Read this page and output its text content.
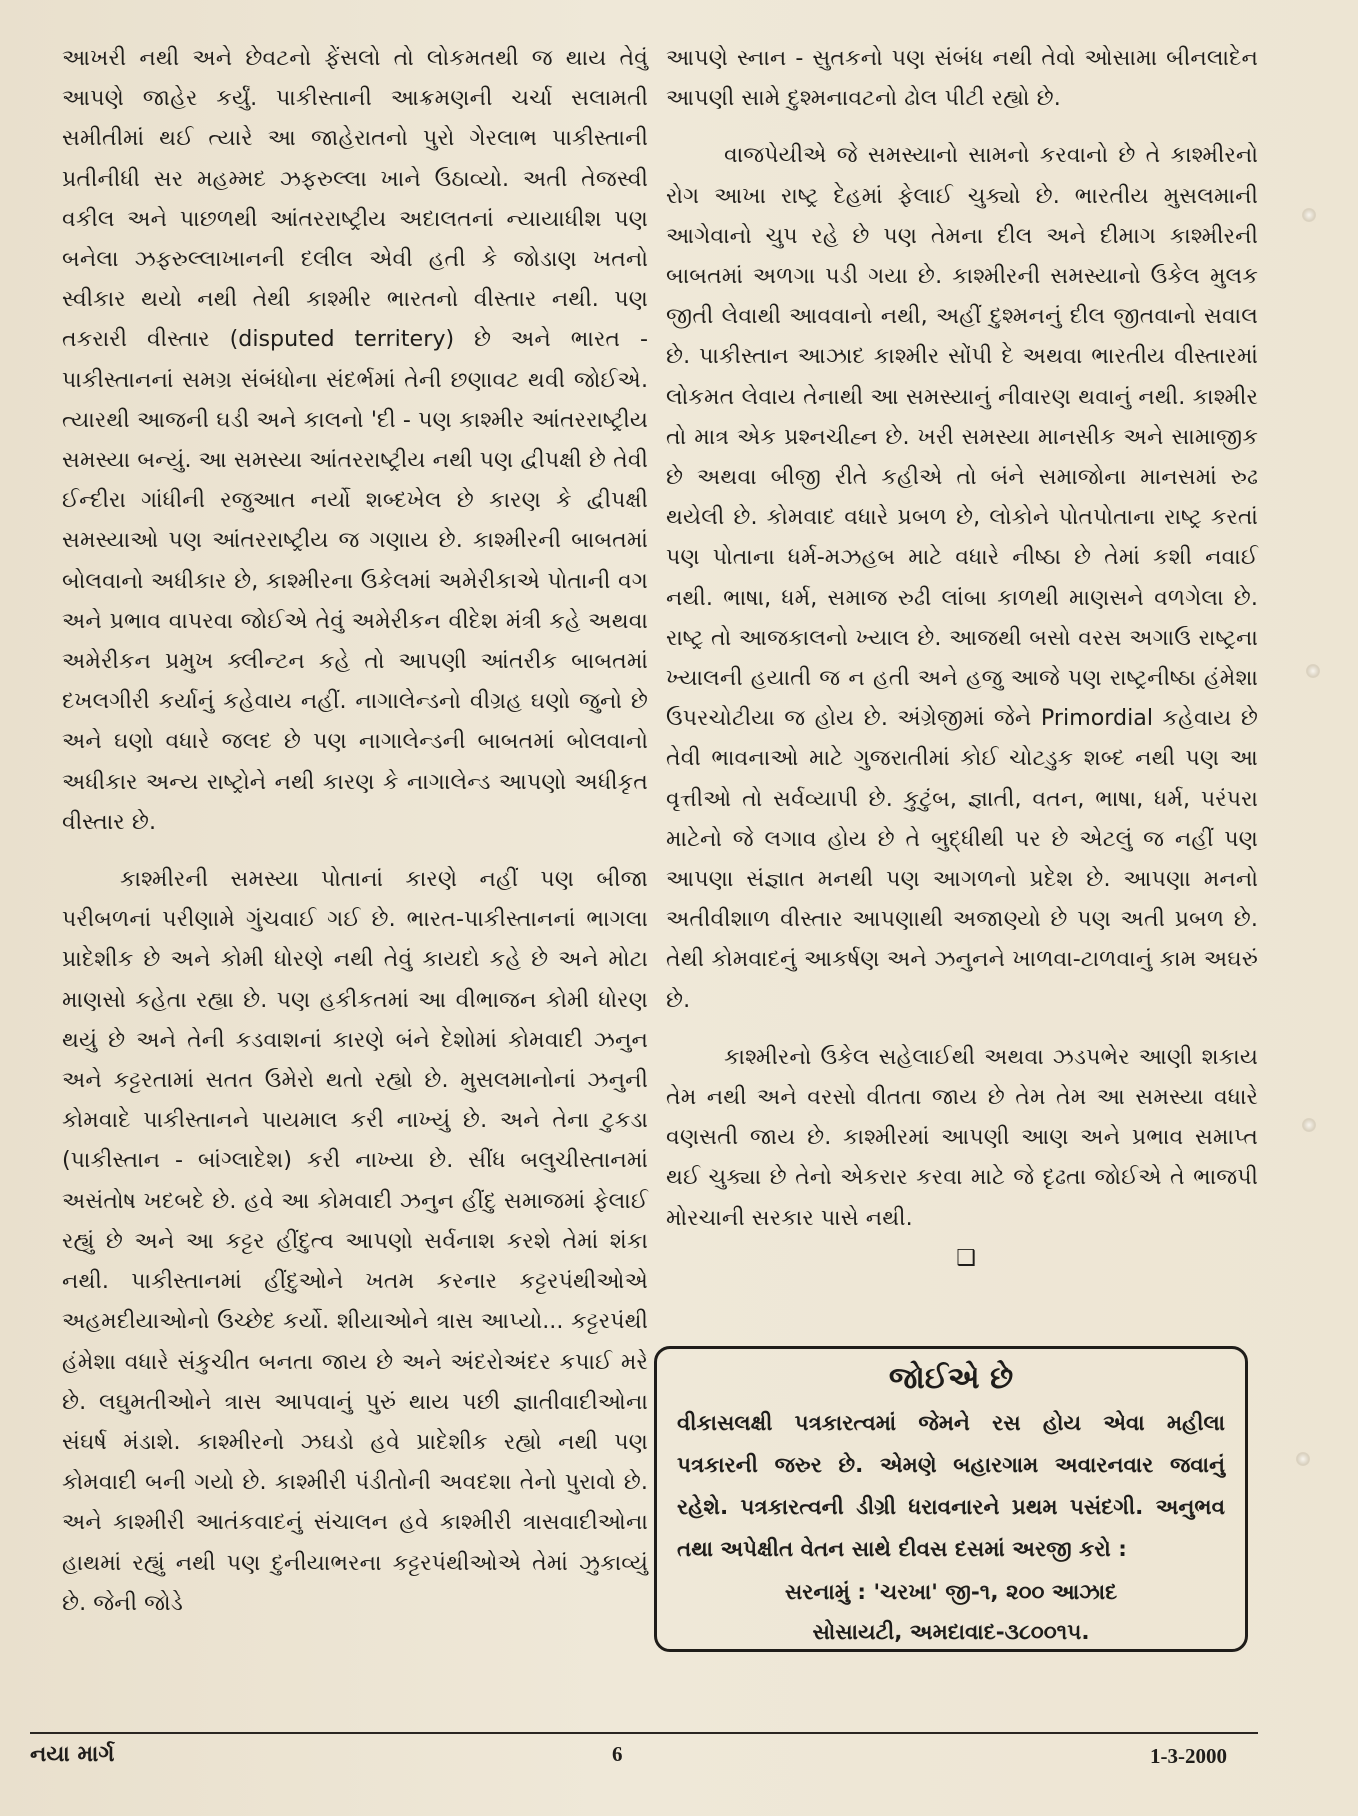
આખરી નથી અને છેવટનો ફેંસલો તો લોકમતથી જ થાય તેવું આપણે જાહેર કર્યું. પાકીસ્તાની આક્રમણની ચર્ચા સલામતી સમીતીમાં થઈ ત્યારે આ જાહેરાતનો પુરો ગેરલાભ પાકીસ્તાની પ્રતીનીધી સર મહમ્મદ ઝફરુલ્લા ખાને ઉઠાવ્યો. અતી તેજસ્વી વકીલ અને પાછળથી આંતરરાષ્ટ્રીય અદાલતનાં ન્યાયાધીશ પણ બનેલા ઝફરુલ્લાખાનની દલીલ એવી હતી કે જોડાણ ખતનો સ્વીકાર થયો નથી તેથી કાશ્મીર ભારતનો વીસ્તાર નથી. પણ તકરારી વીસ્તાર (disputed territery) છે અને ભારત - પાકીસ્તાનનાં સમગ્ર સંબંધોના સંદર્ભમાં તેની છણાવટ થવી જોઈએ. ત્યારથી આજની ઘડી અને કાલનો 'દી - પણ કાશ્મીર આંતરરાષ્ટ્રીય સમસ્યા બન્યું. આ સમસ્યા આંતરરાષ્ટ્રીય નથી પણ દ્વીપક્ષી છે તેવી ઈન્દીરા ગાંધીની રજુઆત નર્યો શબ્દખેલ છે કારણ કે દ્વીપક્ષી સમસ્યાઓ પણ આંતરરાષ્ટ્રીય જ ગણાય છે. કાશ્મીરની બાબતમાં બોલવાનો અધીકાર છે, કાશ્મીરના ઉકેલમાં અમેરીકાએ પોતાની વગ અને પ્રભાવ વાપરવા જોઈએ તેવું અમેરીકન વીદેશ મંત્રી કહે અથવા અમેરીકન પ્રમુખ ક્લીન્ટન કહે તો આપણી આંતરીક બાબતમાં દખલગીરી કર્યાનું કહેવાય નહીં. નાગાલેન્ડનો વીગ્રહ ઘણો જુનો છે અને ઘણો વધારે જલદ છે પણ નાગાલેન્ડની બાબતમાં બોલવાનો અધીકાર અન્ય રાષ્ટ્રોને નથી કારણ કે નાગાલેન્ડ આપણો અધીકૃત વીસ્તાર છે.

કાશ્મીરની સમસ્યા પોતાનાં કારણે નહીં પણ બીજા પરીબળનાં પરીણામે ગુંચવાઈ ગઈ છે. ભારત-પાકીસ્તાનનાં ભાગલા પ્રાદેશીક છે અને કોમી ધોરણે નથી તેવું કાયદો કહે છે અને મોટા માણસો કહેતા રહ્યા છે. પણ હકીકતમાં આ વીભાજન કોમી ધોરણ થયું છે અને તેની કડવાશનાં કારણે બંને દેશોમાં કોમવાદી ઝનુન અને કટ્ટરતામાં સતત ઉમેરો થતો રહ્યો છે. મુસલમાનોનાં ઝનુની કોમવાદે પાકીસ્તાનને પાયમાલ કરી નાખ્યું છે. અને તેના ટુકડા (પાકીસ્તાન - બાંગ્લાદેશ) કરી નાખ્યા છે. સીંધ બલુચીસ્તાનમાં અસંતોષ ખદબદે છે. હવે આ કોમવાદી ઝનુન હીંદુ સમાજમાં ફેલાઈ રહ્યું છે અને આ કટ્ટર હીંદુત્વ આપણો સર્વનાશ કરશે તેમાં શંકા નથી. પાકીસ્તાનમાં હીંદુઓને ખતમ કરનાર કટ્ટરપંથીઓએ અહમદીયાઓનો ઉચ્છેદ કર્યો. શીયાઓને ત્રાસ આપ્યો... કટ્ટરપંથી હંમેશા વધારે સંકુચીત બનતા જાય છે અને અંદરોઅંદર કપાઈ મરે છે. લઘુમતીઓને ત્રાસ આપવાનું પુરું થાય પછી જ્ઞાતીવાદીઓના સંઘર્ષ મંડાશે. કાશ્મીરનો ઝઘડો હવે પ્રાદેશીક રહ્યો નથી પણ કોમવાદી બની ગયો છે. કાશ્મીરી પંડીતોની અવદશા તેનો પુરાવો છે. અને કાશ્મીરી આતંકવાદનું સંચાલન હવે કાશ્મીરી ત્રાસવાદીઓના હાથમાં રહ્યું નથી પણ દુનીયાભરના કટ્ટરપંથીઓએ તેમાં ઝુકાવ્યું છે. જેની જોડે

આપણે સ્નાન - સુતકનો પણ સંબંધ નથી તેવો ઓસામા બીનલાદેન આપણી સામે દુશ્મનાવટનો ઢોલ પીટી રહ્યો છે.

વાજપેયીએ જે સમસ્યાનો સામનો કરવાનો છે તે કાશ્મીરનો રોગ આખા રાષ્ટ્ર દેહમાં ફેલાઈ ચુક્યો છે. ભારતીય મુસલમાની આગેવાનો ચુપ રહે છે પણ તેમના દીલ અને દીમાગ કાશ્મીરની બાબતમાં અળગા પડી ગયા છે. કાશ્મીરની સમસ્યાનો ઉકેલ મુલક જીતી લેવાથી આવવાનો નથી, અહીં દુશ્મનનું દીલ જીતવાનો સવાલ છે. પાકીસ્તાન આઝાદ કાશ્મીર સોંપી દે અથવા ભારતીય વીસ્તારમાં લોકમત લેવાય તેનાથી આ સમસ્યાનું નીવારણ થવાનું નથી. કાશ્મીર તો માત્ર એક પ્રશ્નચીહ્ન છે. ખરી સમસ્યા માનસીક અને સામાજીક છે અથવા બીજી રીતે કહીએ તો બંને સમાજોના માનસમાં રુઢ થયેલી છે. કોમવાદ વધારે પ્રબળ છે, લોકોને પોતપોતાના રાષ્ટ્ર કરતાં પણ પોતાના ધર્મ-મઝહબ માટે વધારે નીષ્ઠા છે તેમાં કશી નવાઈ નથી. ભાષા, ધર્મ, સમાજ રુઢી લાંબા કાળથી માણસને વળગેલા છે. રાષ્ટ્ર તો આજકાલનો ખ્યાલ છે. આજથી બસો વરસ અગાઉ રાષ્ટ્રના ખ્યાલની હયાતી જ ન હતી અને હજુ આજે પણ રાષ્ટ્રનીષ્ઠા હંમેશા ઉપરચોટીયા જ હોય છે. અંગ્રેજીમાં જેને Primordial કહેવાય છે તેવી ભાવનાઓ માટે ગુજરાતીમાં કોઈ ચોટડુક શબ્દ નથી પણ આ વૃત્તીઓ તો સર્વવ્યાપી છે. કુટુંબ, જ્ઞાતી, વતન, ભાષા, ધર્મ, પરંપરા માટેનો જે લગાવ હોય છે તે બુદ્ધીથી પર છે એટલું જ નહીં પણ આપણા સંજ્ઞાત મનથી પણ આગળનો પ્રદેશ છે. આપણા મનનો અતીવીશાળ વીસ્તાર આપણાથી અજાણ્યો છે પણ અતી પ્રબળ છે. તેથી કોમવાદનું આકર્ષણ અને ઝનુનને ખાળવા-ટાળવાનું કામ અઘરું છે.

કાશ્મીરનો ઉકેલ સહેલાઈથી અથવા ઝડપભેર આણી શકાય તેમ નથી અને વરસો વીતતા જાય છે તેમ તેમ આ સમસ્યા વધારે વણસતી જાય છે. કાશ્મીરમાં આપણી આણ અને પ્રભાવ સમાપ્ત થઈ ચુક્યા છે તેનો એકરાર કરવા માટે જે દૃઢતા જોઈએ તે ભાજપી મોરચાની સરકાર પાસે નથી.

❑
જોઈએ છે
વીકાસલક્ષી પત્રકારત્વમાં જેમને રસ હોય એવા મહીલા પત્રકારની જરુર છે. એમણે બહારગામ અવારનવાર જવાનું રહેશે. પત્રકારત્વની ડીગ્રી ધરાવનારને પ્રથમ પસંદગી. અનુભવ તથા અપેક્ષીત વેતન સાથે દીવસ દસમાં અરજી કરો :
સરનામું : 'ચરખા' જી-૧, ૨૦૦ આઝાદ
સોસાયટી, અમદાવાદ-૩૮૦૦૧૫.
નયા માર્ગ	6	1-3-2000
